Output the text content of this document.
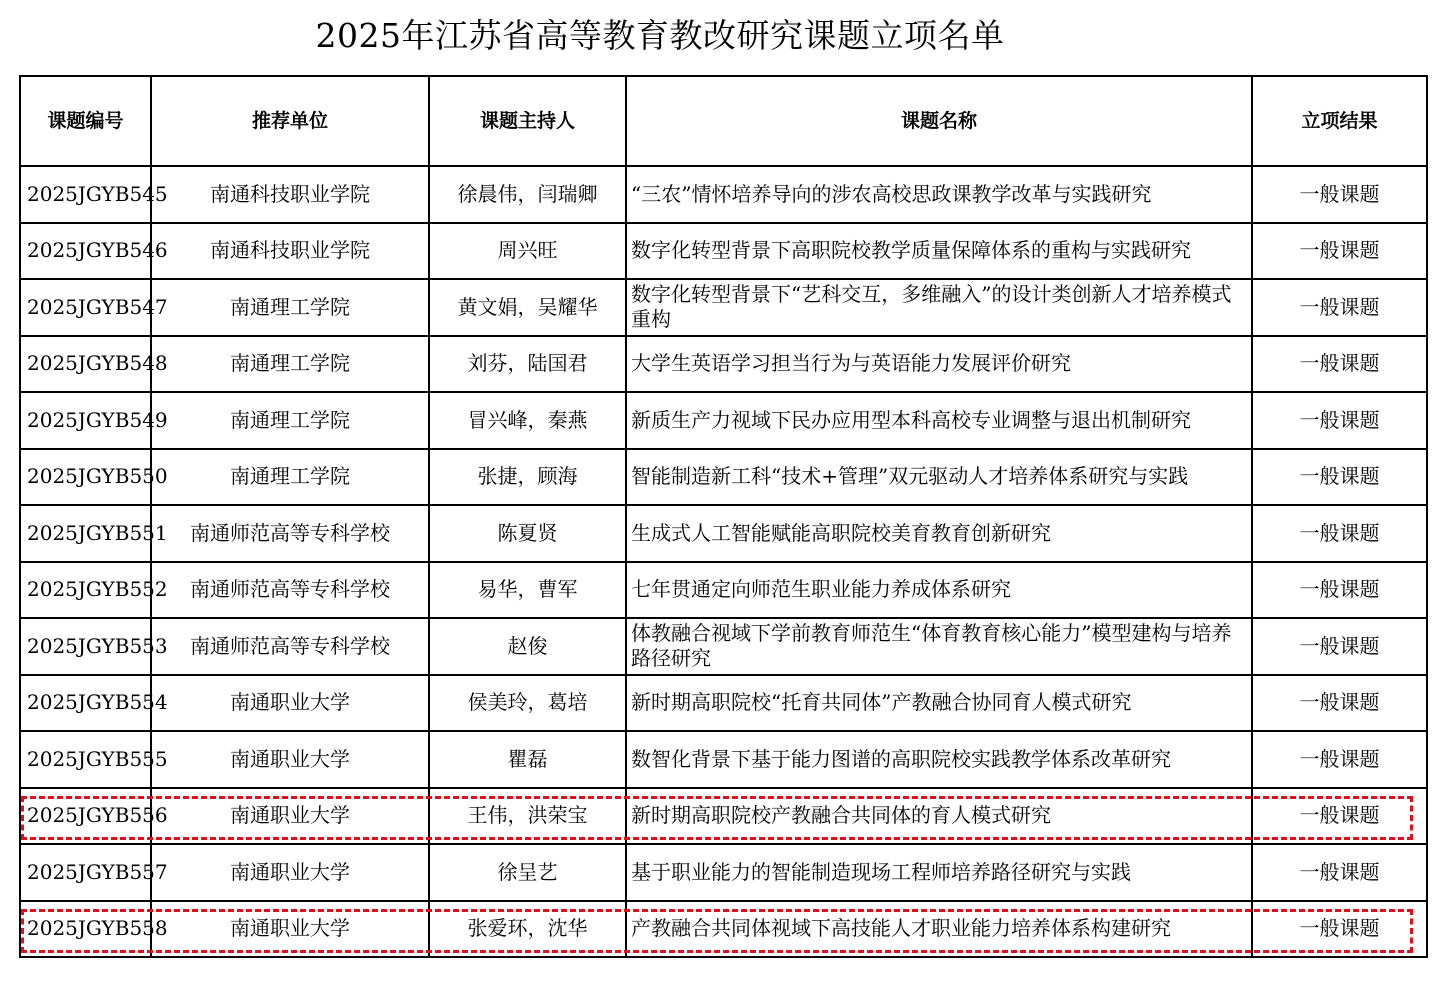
2025年江苏省高等教育教改研究课题立项名单
课题编号	推荐单位	课题主持人	课题名称	立项结果
2025JGYB545	南通科技职业学院	徐晨伟，闫瑞卿	“三农”情怀培养导向的涉农高校思政课教学改革与实践研究	一般课题
2025JGYB546	南通科技职业学院	周兴旺	数字化转型背景下高职院校教学质量保障体系的重构与实践研究	一般课题
2025JGYB547	南通理工学院	黄文娟，吴耀华	数字化转型背景下“艺科交互，多维融入”的设计类创新人才培养模式重构	一般课题
2025JGYB548	南通理工学院	刘芬，陆国君	大学生英语学习担当行为与英语能力发展评价研究	一般课题
2025JGYB549	南通理工学院	冒兴峰，秦燕	新质生产力视域下民办应用型本科高校专业调整与退出机制研究	一般课题
2025JGYB550	南通理工学院	张捷，顾海	智能制造新工科“技术+管理”双元驱动人才培养体系研究与实践	一般课题
2025JGYB551	南通师范高等专科学校	陈夏贤	生成式人工智能赋能高职院校美育教育创新研究	一般课题
2025JGYB552	南通师范高等专科学校	易华，曹军	七年贯通定向师范生职业能力养成体系研究	一般课题
2025JGYB553	南通师范高等专科学校	赵俊	体教融合视域下学前教育师范生“体育教育核心能力”模型建构与培养路径研究	一般课题
2025JGYB554	南通职业大学	侯美玲，葛培	新时期高职院校“托育共同体”产教融合协同育人模式研究	一般课题
2025JGYB555	南通职业大学	瞿磊	数智化背景下基于能力图谱的高职院校实践教学体系改革研究	一般课题
2025JGYB556	南通职业大学	王伟，洪荣宝	新时期高职院校产教融合共同体的育人模式研究	一般课题
2025JGYB557	南通职业大学	徐呈艺	基于职业能力的智能制造现场工程师培养路径研究与实践	一般课题
2025JGYB558	南通职业大学	张爱环，沈华	产教融合共同体视域下高技能人才职业能力培养体系构建研究	一般课题
